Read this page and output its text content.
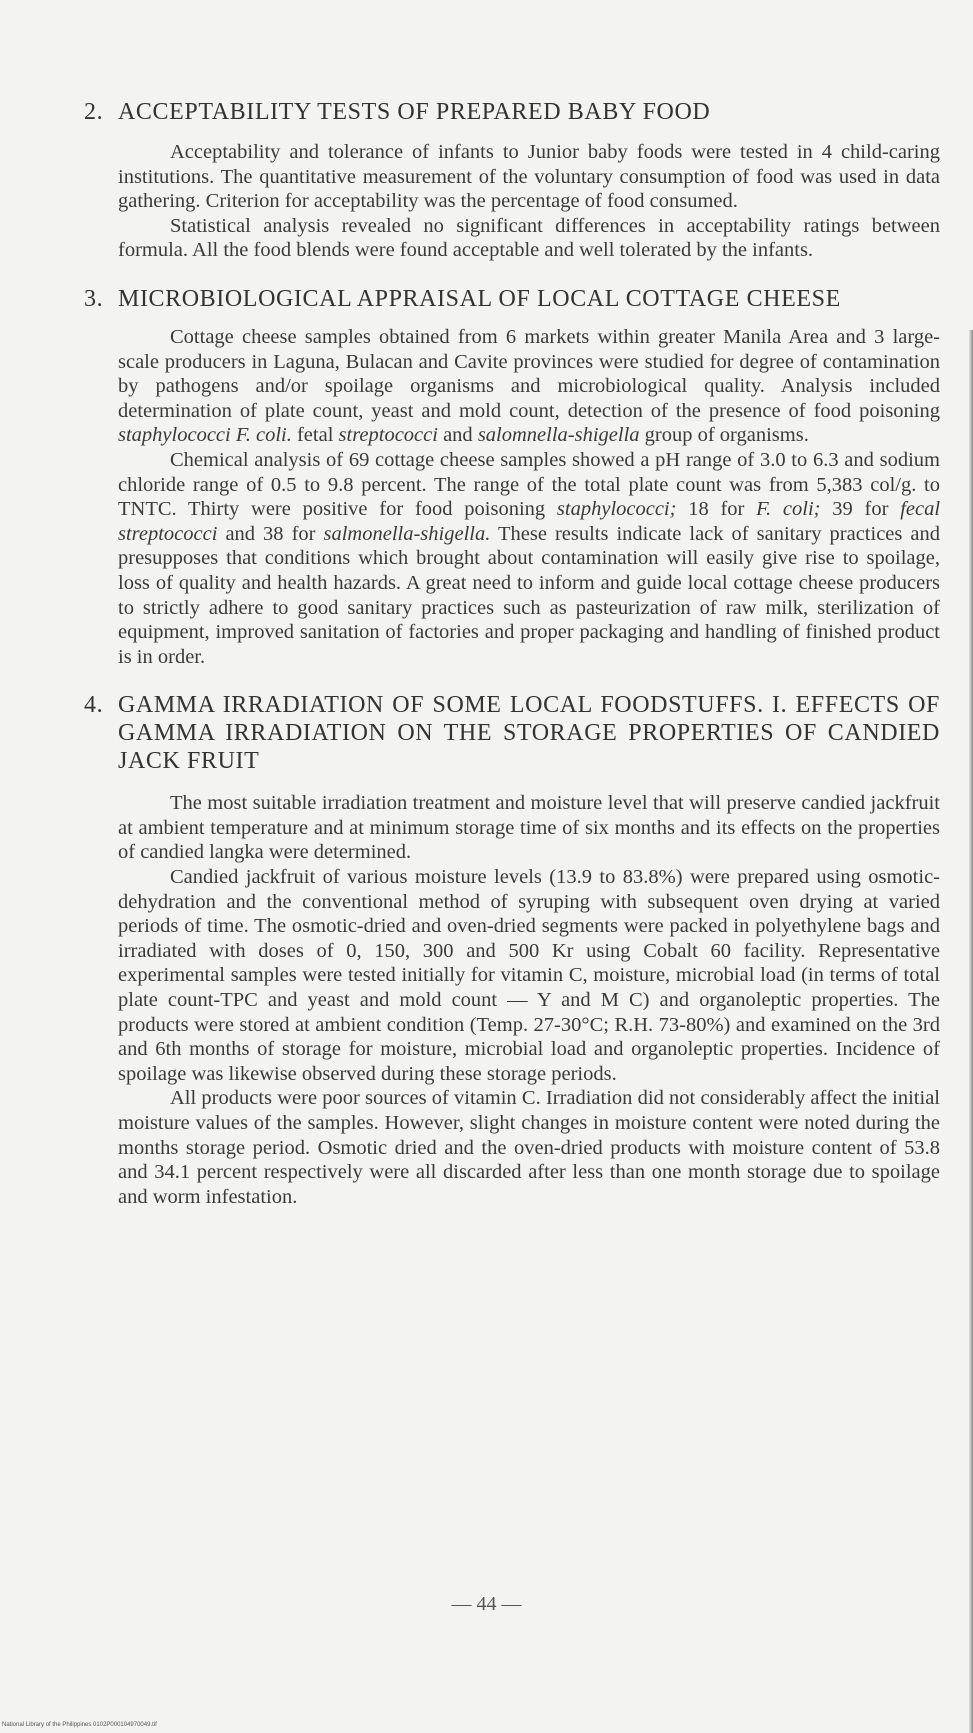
2. ACCEPTABILITY TESTS OF PREPARED BABY FOOD

Acceptability and tolerance of infants to Junior baby foods were tested in 4 child-caring institutions. The quantitative measurement of the voluntary consumption of food was used in data gathering. Criterion for acceptability was the percentage of food consumed.

Statistical analysis revealed no significant differences in acceptability ratings between formula. All the food blends were found acceptable and well tolerated by the infants.

3. MICROBIOLOGICAL APPRAISAL OF LOCAL COTTAGE CHEESE

Cottage cheese samples obtained from 6 markets within greater Manila Area and 3 large-scale producers in Laguna, Bulacan and Cavite provinces were studied for degree of contamination by pathogens and/or spoilage organisms and microbiological quality. Analysis included determination of plate count, yeast and mold count, detection of the presence of food poisoning staphylococci F. coli. fetal streptococci and salomnella-shigella group of organisms.

Chemical analysis of 69 cottage cheese samples showed a pH range of 3.0 to 6.3 and sodium chloride range of 0.5 to 9.8 percent. The range of the total plate count was from 5,383 col/g. to TNTC. Thirty were positive for food poisoning staphylococci; 18 for F. coli; 39 for fecal streptococci and 38 for salmonella-shigella. These results indicate lack of sanitary practices and presupposes that conditions which brought about contamination will easily give rise to spoilage, loss of quality and health hazards. A great need to inform and guide local cottage cheese producers to strictly adhere to good sanitary practices such as pasteurization of raw milk, sterilization of equipment, improved sanitation of factories and proper packaging and handling of finished product is in order.

4. GAMMA IRRADIATION OF SOME LOCAL FOODSTUFFS. I. EFFECTS OF GAMMA IRRADIATION ON THE STORAGE PROPERTIES OF CANDIED JACK FRUIT

The most suitable irradiation treatment and moisture level that will preserve candied jackfruit at ambient temperature and at minimum storage time of six months and its effects on the properties of candied langka were determined.

Candied jackfruit of various moisture levels (13.9 to 83.8%) were prepared using osmotic-dehydration and the conventional method of syruping with subsequent oven drying at varied periods of time. The osmotic-dried and oven-dried segments were packed in polyethylene bags and irradiated with doses of 0, 150, 300 and 500 Kr using Cobalt 60 facility. Representative experimental samples were tested initially for vitamin C, moisture, microbial load (in terms of total plate count-TPC and yeast and mold count — Y and M C) and organoleptic properties. The products were stored at ambient condition (Temp. 27-30°C; R.H. 73-80%) and examined on the 3rd and 6th months of storage for moisture, microbial load and organoleptic properties. Incidence of spoilage was likewise observed during these storage periods.

All products were poor sources of vitamin C. Irradiation did not considerably affect the initial moisture values of the samples. However, slight changes in moisture content were noted during the months storage period. Osmotic dried and the oven-dried products with moisture content of 53.8 and 34.1 percent respectively were all discarded after less than one month storage due to spoilage and worm infestation.

— 44 —
National Library of the Philippines 0102P000104970049.tif
